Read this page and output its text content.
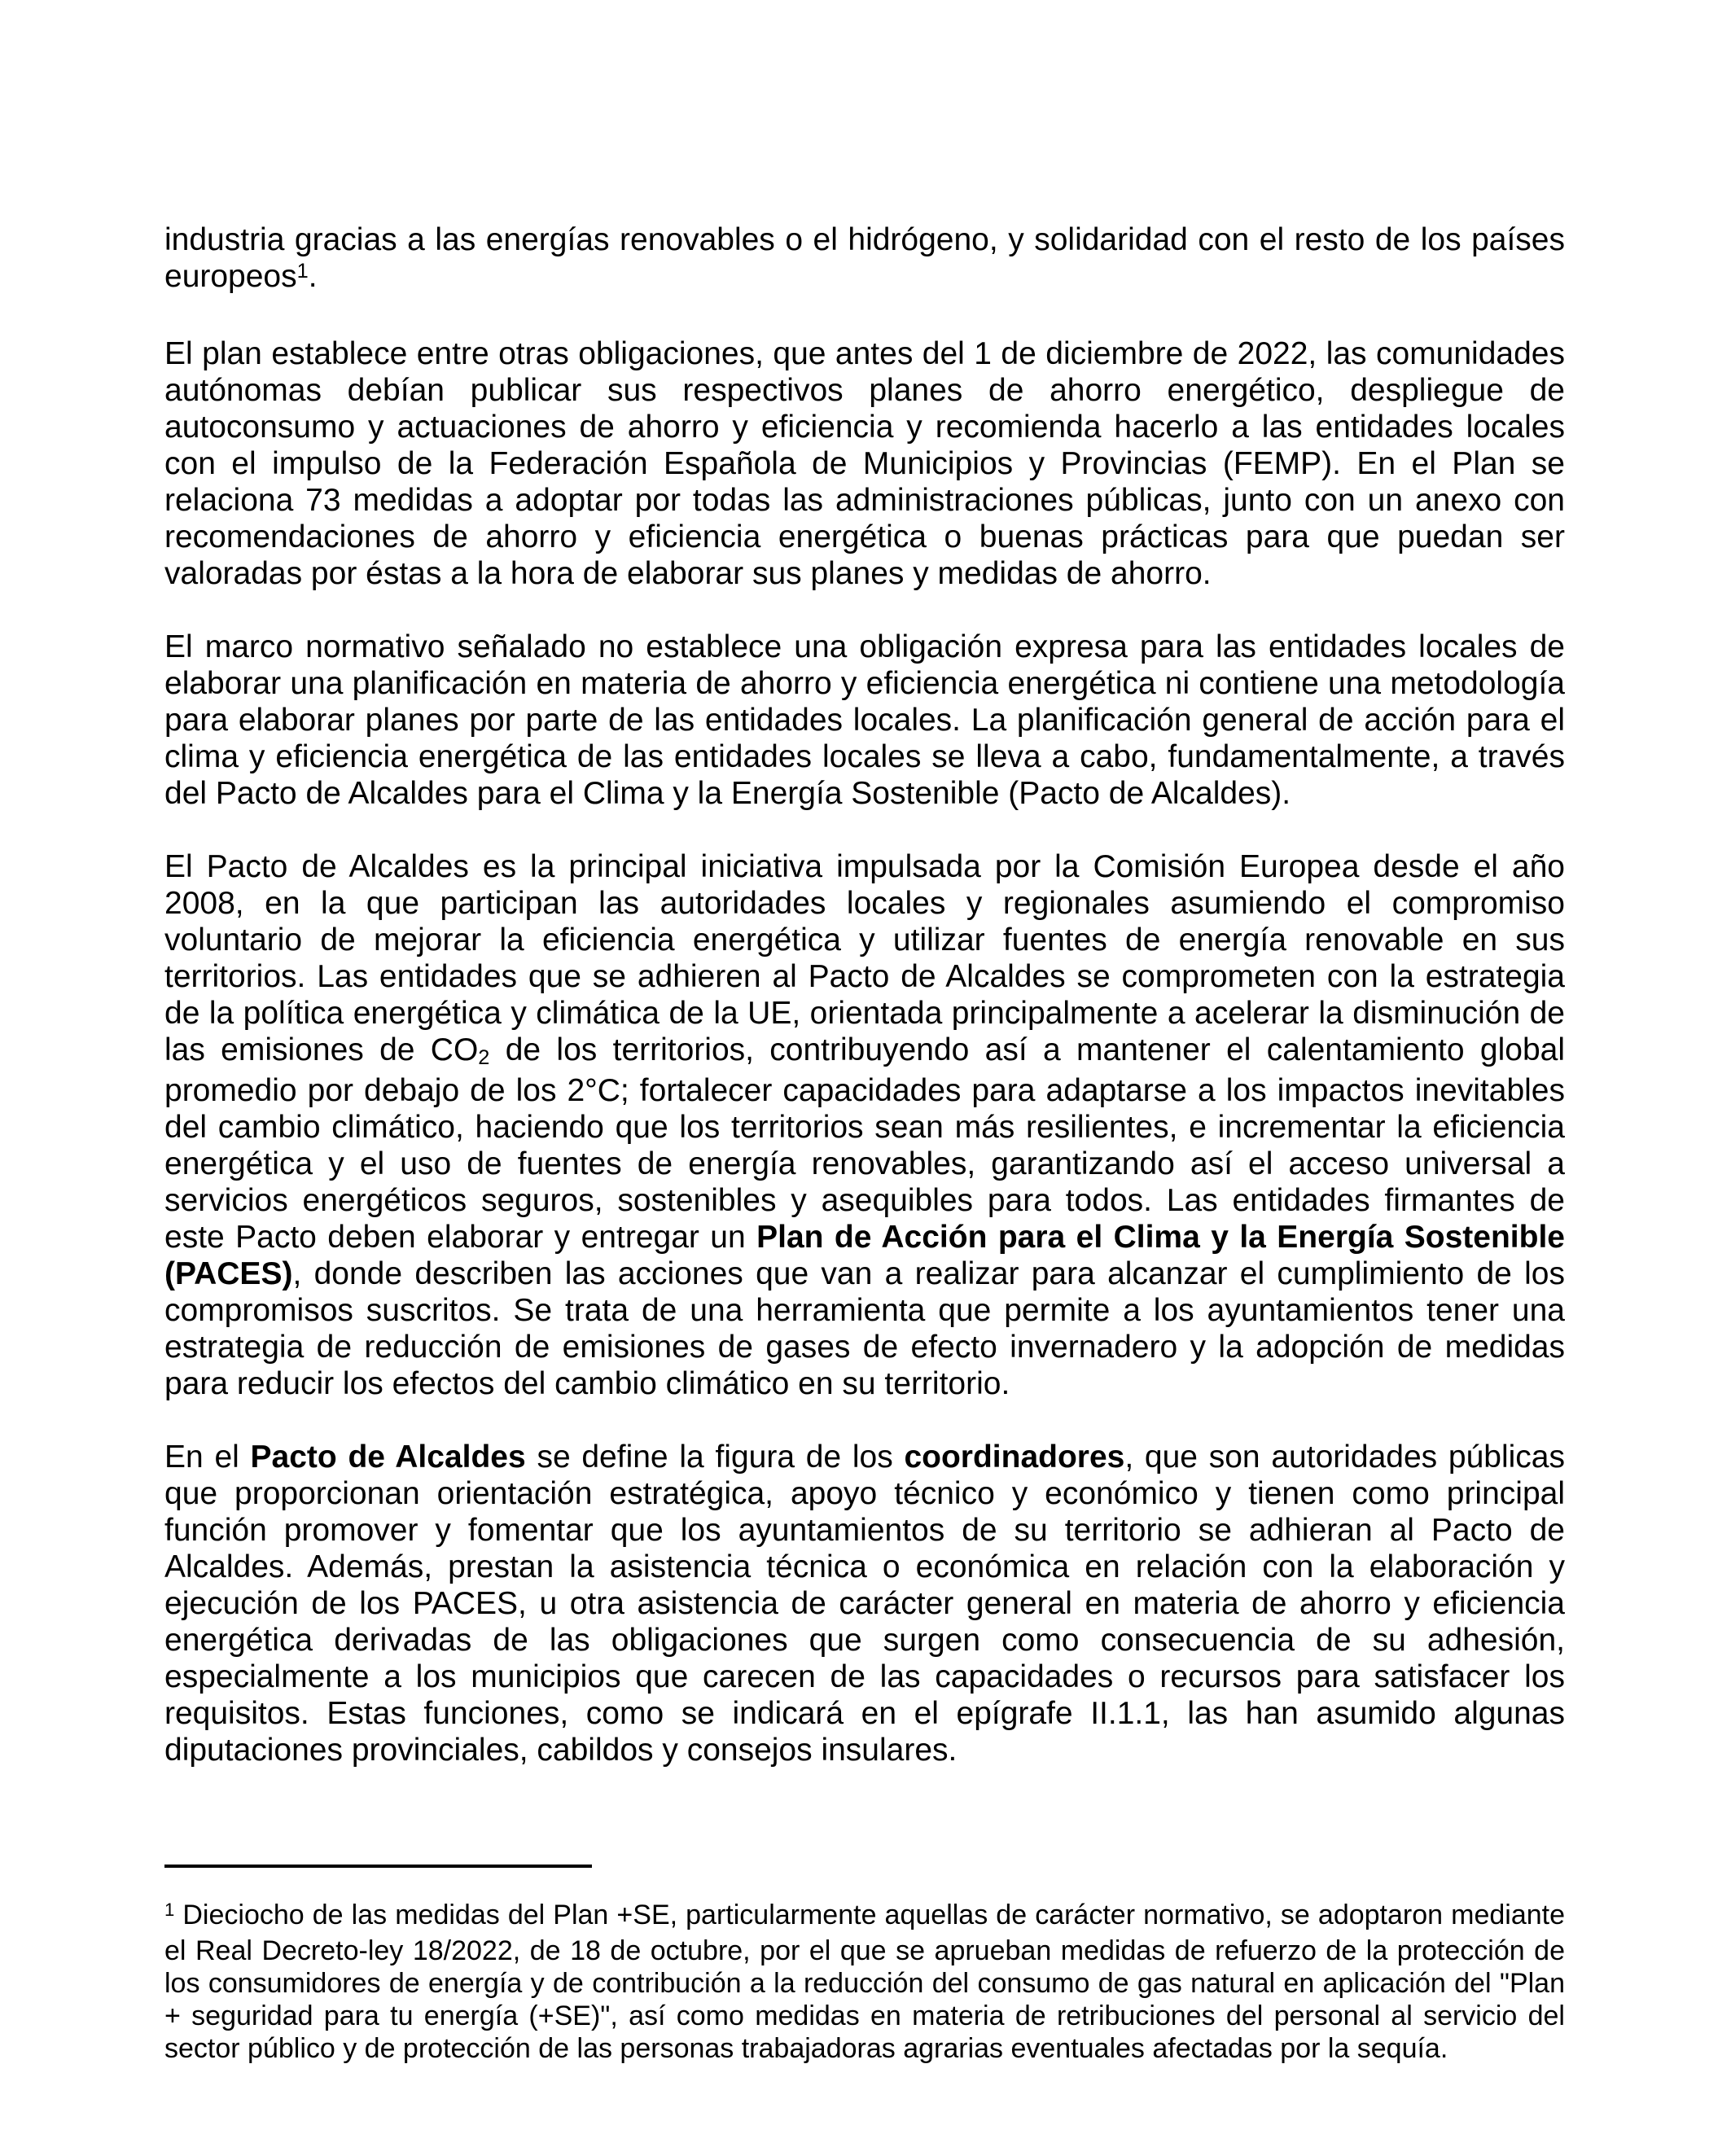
industria gracias a las energías renovables o el hidrógeno, y solidaridad con el resto de los países europeos$^1$.

El plan establece entre otras obligaciones, que antes del 1 de diciembre de 2022, las comunidades autónomas debían publicar sus respectivos planes de ahorro energético, despliegue de autoconsumo y actuaciones de ahorro y eficiencia y recomienda hacerlo a las entidades locales con el impulso de la Federación Española de Municipios y Provincias (FEMP). En el Plan se relaciona 73 medidas a adoptar por todas las administraciones públicas, junto con un anexo con recomendaciones de ahorro y eficiencia energética o buenas prácticas para que puedan ser valoradas por éstas a la hora de elaborar sus planes y medidas de ahorro.

El marco normativo señalado no establece una obligación expresa para las entidades locales de elaborar una planificación en materia de ahorro y eficiencia energética ni contiene una metodología para elaborar planes por parte de las entidades locales. La planificación general de acción para el clima y eficiencia energética de las entidades locales se lleva a cabo, fundamentalmente, a través del Pacto de Alcaldes para el Clima y la Energía Sostenible (Pacto de Alcaldes).

El Pacto de Alcaldes es la principal iniciativa impulsada por la Comisión Europea desde el año 2008, en la que participan las autoridades locales y regionales asumiendo el compromiso voluntario de mejorar la eficiencia energética y utilizar fuentes de energía renovable en sus territorios. Las entidades que se adhieren al Pacto de Alcaldes se comprometen con la estrategia de la política energética y climática de la UE, orientada principalmente a acelerar la disminución de las emisiones de CO2 de los territorios, contribuyendo así a mantener el calentamiento global promedio por debajo de los 2°C; fortalecer capacidades para adaptarse a los impactos inevitables del cambio climático, haciendo que los territorios sean más resilientes, e incrementar la eficiencia energética y el uso de fuentes de energía renovables, garantizando así el acceso universal a servicios energéticos seguros, sostenibles y asequibles para todos. Las entidades firmantes de este Pacto deben elaborar y entregar un Plan de Acción para el Clima y la Energía Sostenible (PACES), donde describen las acciones que van a realizar para alcanzar el cumplimiento de los compromisos suscritos. Se trata de una herramienta que permite a los ayuntamientos tener una estrategia de reducción de emisiones de gases de efecto invernadero y la adopción de medidas para reducir los efectos del cambio climático en su territorio.

En el Pacto de Alcaldes se define la figura de los coordinadores, que son autoridades públicas que proporcionan orientación estratégica, apoyo técnico y económico y tienen como principal función promover y fomentar que los ayuntamientos de su territorio se adhieran al Pacto de Alcaldes. Además, prestan la asistencia técnica o económica en relación con la elaboración y ejecución de los PACES, u otra asistencia de carácter general en materia de ahorro y eficiencia energética derivadas de las obligaciones que surgen como consecuencia de su adhesión, especialmente a los municipios que carecen de las capacidades o recursos para satisfacer los requisitos. Estas funciones, como se indicará en el epígrafe II.1.1, las han asumido algunas diputaciones provinciales, cabildos y consejos insulares.

$^1$ Dieciocho de las medidas del Plan +SE, particularmente aquellas de carácter normativo, se adoptaron mediante el Real Decreto-ley 18/2022, de 18 de octubre, por el que se aprueban medidas de refuerzo de la protección de los consumidores de energía y de contribución a la reducción del consumo de gas natural en aplicación del "Plan + seguridad para tu energía (+SE)", así como medidas en materia de retribuciones del personal al servicio del sector público y de protección de las personas trabajadoras agrarias eventuales afectadas por la sequía.
